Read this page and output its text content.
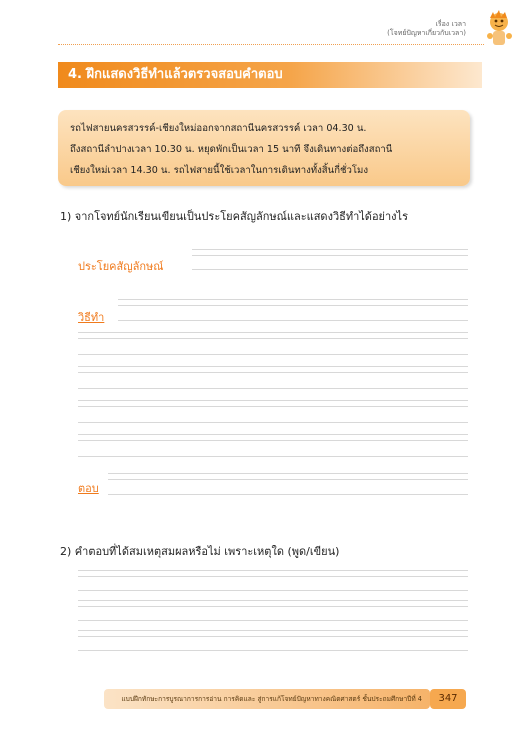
เรื่อง เวลา
(โจทย์ปัญหาเกี่ยวกับเวลา)
4. ฝึกแสดงวิธีทำแล้วตรวจสอบคำตอบ
รถไฟสายนครสวรรค์-เชียงใหม่ออกจากสถานีนครสวรรค์ เวลา 04.30 น.
ถึงสถานีลำปางเวลา 10.30 น. หยุดพักเป็นเวลา 15 นาที จึงเดินทางต่อถึงสถานี
เชียงใหม่เวลา 14.30 น. รถไฟสายนี้ใช้เวลาในการเดินทางทั้งสิ้นกี่ชั่วโมง
1) จากโจทย์นักเรียนเขียนเป็นประโยคสัญลักษณ์และแสดงวิธีทำได้อย่างไร
ประโยคสัญลักษณ์
วิธีทำ
ตอบ
2) คำตอบที่ได้สมเหตุสมผลหรือไม่ เพราะเหตุใด (พูด/เขียน)
แบบฝึกทักษะการบูรณาการการอ่าน การคิดและ สู่การแก้โจทย์ปัญหาทางคณิตศาสตร์ ชั้นประถมศึกษาปีที่ 4	347
